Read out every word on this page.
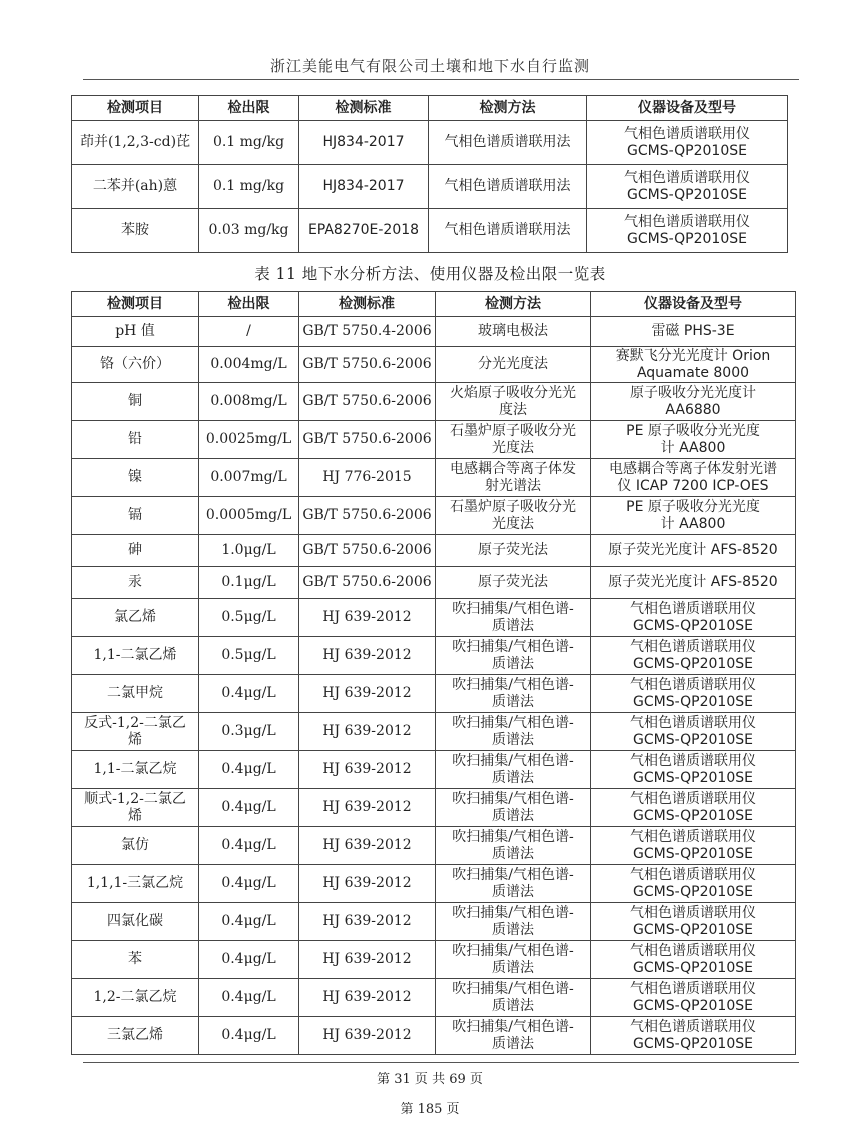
浙江美能电气有限公司土壤和地下水自行监测
检测项目	检出限	检测标准	检测方法	仪器设备及型号
茚并(1,2,3-cd)芘	0.1 mg/kg	HJ834-2017	气相色谱质谱联用法	气相色谱质谱联用仪
GCMS-QP2010SE
二苯并(ah)蒽	0.1 mg/kg	HJ834-2017	气相色谱质谱联用法	气相色谱质谱联用仪
GCMS-QP2010SE
苯胺	0.03 mg/kg	EPA8270E-2018	气相色谱质谱联用法	气相色谱质谱联用仪
GCMS-QP2010SE
表 11 地下水分析方法、使用仪器及检出限一览表
检测项目	检出限	检测标准	检测方法	仪器设备及型号
pH 值	/	GB/T 5750.4-2006	玻璃电极法	雷磁 PHS-3E
铬（六价）	0.004mg/L	GB/T 5750.6-2006	分光光度法	赛默飞分光光度计 Orion
Aquamate 8000
铜	0.008mg/L	GB/T 5750.6-2006	火焰原子吸收分光光
度法	原子吸收分光光度计
AA6880
铅	0.0025mg/L	GB/T 5750.6-2006	石墨炉原子吸收分光
光度法	PE 原子吸收分光光度
计 AA800
镍	0.007mg/L	HJ 776-2015	电感耦合等离子体发
射光谱法	电感耦合等离子体发射光谱
仪 ICAP 7200 ICP-OES
镉	0.0005mg/L	GB/T 5750.6-2006	石墨炉原子吸收分光
光度法	PE 原子吸收分光光度
计 AA800
砷	1.0μg/L	GB/T 5750.6-2006	原子荧光法	原子荧光光度计 AFS-8520
汞	0.1μg/L	GB/T 5750.6-2006	原子荧光法	原子荧光光度计 AFS-8520
氯乙烯	0.5μg/L	HJ 639-2012	吹扫捕集/气相色谱-
质谱法	气相色谱质谱联用仪
GCMS-QP2010SE
1,1-二氯乙烯	0.5μg/L	HJ 639-2012	吹扫捕集/气相色谱-
质谱法	气相色谱质谱联用仪
GCMS-QP2010SE
二氯甲烷	0.4μg/L	HJ 639-2012	吹扫捕集/气相色谱-
质谱法	气相色谱质谱联用仪
GCMS-QP2010SE
反式-1,2-二氯乙
烯	0.3μg/L	HJ 639-2012	吹扫捕集/气相色谱-
质谱法	气相色谱质谱联用仪
GCMS-QP2010SE
1,1-二氯乙烷	0.4μg/L	HJ 639-2012	吹扫捕集/气相色谱-
质谱法	气相色谱质谱联用仪
GCMS-QP2010SE
顺式-1,2-二氯乙
烯	0.4μg/L	HJ 639-2012	吹扫捕集/气相色谱-
质谱法	气相色谱质谱联用仪
GCMS-QP2010SE
氯仿	0.4μg/L	HJ 639-2012	吹扫捕集/气相色谱-
质谱法	气相色谱质谱联用仪
GCMS-QP2010SE
1,1,1-三氯乙烷	0.4μg/L	HJ 639-2012	吹扫捕集/气相色谱-
质谱法	气相色谱质谱联用仪
GCMS-QP2010SE
四氯化碳	0.4μg/L	HJ 639-2012	吹扫捕集/气相色谱-
质谱法	气相色谱质谱联用仪
GCMS-QP2010SE
苯	0.4μg/L	HJ 639-2012	吹扫捕集/气相色谱-
质谱法	气相色谱质谱联用仪
GCMS-QP2010SE
1,2-二氯乙烷	0.4μg/L	HJ 639-2012	吹扫捕集/气相色谱-
质谱法	气相色谱质谱联用仪
GCMS-QP2010SE
三氯乙烯	0.4μg/L	HJ 639-2012	吹扫捕集/气相色谱-
质谱法	气相色谱质谱联用仪
GCMS-QP2010SE
第 31 页 共 69 页
第 185 页
